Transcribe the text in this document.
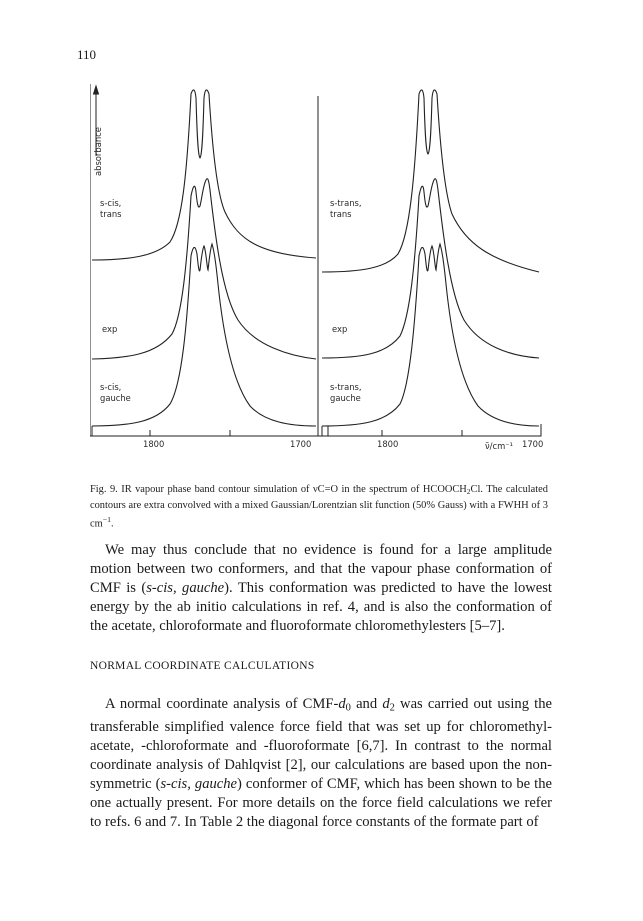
110
absorbance
s-cis,
trans
exp
s-cis,
gauche
1800	1700
s-trans,
trans
exp
s-trans,
gauche
1800	ν̃/cm⁻¹ 1700
Fig. 9. IR vapour phase band contour simulation of νC=O in the spectrum of $HCOOCH_2Cl$. The calculated contours are extra convolved with a mixed Gaussian/Lorentzian slit function (50% Gauss) with a FWHH of 3 $cm^{-1}$.
We may thus conclude that no evidence is found for a large amplitude motion between two conformers, and that the vapour phase conformation of CMF is (s-cis, gauche). This conformation was predicted to have the lowest energy by the ab initio calculations in ref. 4, and is also the conformation of the acetate, chloroformate and fluoroformate chloromethylesters [5–7].
NORMAL COORDINATE CALCULATIONS
A normal coordinate analysis of CMF-$d_0$ and $d_2$ was carried out using the transferable simplified valence force field that was set up for chloromethyl-acetate, -chloroformate and -fluoroformate [6,7]. In contrast to the normal coordinate analysis of Dahlqvist [2], our calculations are based upon the non-symmetric (s-cis, gauche) conformer of CMF, which has been shown to be the one actually present. For more details on the force field calculations we refer to refs. 6 and 7. In Table 2 the diagonal force constants of the formate part of
